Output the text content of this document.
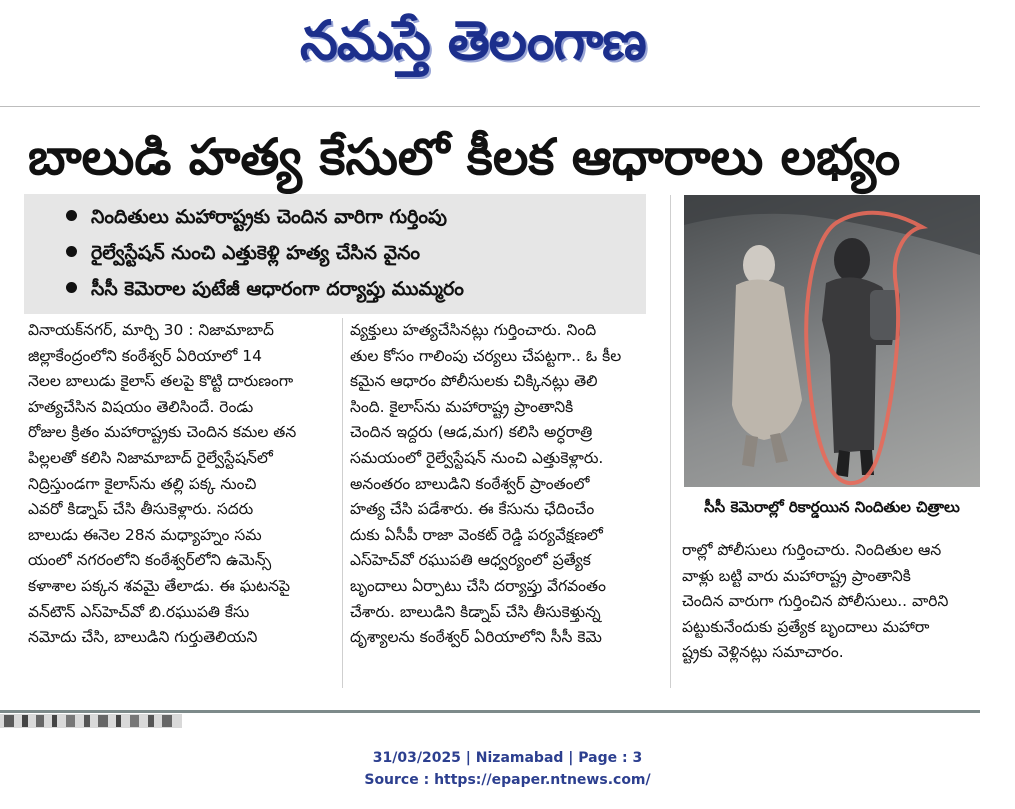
నమస్తే తెలంగాణ
బాలుడి హత్య కేసులో కీలక ఆధారాలు లభ్యం
నిందితులు మహారాష్ట్రకు చెందిన వారిగా గుర్తింపు
రైల్వేస్టేషన్ నుంచి ఎత్తుకెళ్లి హత్య చేసిన వైనం
సీసీ కెమెరాల పుటేజీ ఆధారంగా దర్యాప్తు ముమ్మరం
వినాయక్‌నగర్, మార్చి 30 : నిజామాబాద్
జిల్లాకేంద్రంలోని కంఠేశ్వర్ ఏరియాలో 14
నెలల బాలుడు కైలాస్ తలపై కొట్టి దారుణంగా
హత్యచేసిన విషయం తెలిసిందే. రెండు
రోజుల క్రితం మహారాష్ట్రకు చెందిన కమల తన
పిల్లలతో కలిసి నిజామాబాద్ రైల్వేస్టేషన్‌లో
నిద్రిస్తుండగా కైలాస్‌ను తల్లి పక్క నుంచి
ఎవరో కిడ్నాప్ చేసి తీసుకెళ్లారు. సదరు
బాలుడు ఈనెల 28న మధ్యాహ్నం సమ
యంలో నగరంలోని కంఠేశ్వర్‌లోని ఉమెన్స్
కళాశాల పక్కన శవమై తేలాడు. ఈ ఘటనపై
వన్‌టౌన్ ఎస్‌హెచ్‌వో బి.రఘుపతి కేసు
నమోదు చేసి, బాలుడిని గుర్తుతెలియని
వ్యక్తులు హత్యచేసినట్లు గుర్తించారు. నింది
తుల కోసం గాలింపు చర్యలు చేపట్టగా.. ఓ కీల
కమైన ఆధారం పోలీసులకు చిక్కినట్లు తెలి
సింది. కైలాస్‌ను మహారాష్ట్ర ప్రాంతానికి
చెందిన ఇద్దరు (ఆడ,మగ) కలిసి అర్ధరాత్రి
సమయంలో రైల్వేస్టేషన్ నుంచి ఎత్తుకెళ్లారు.
అనంతరం బాలుడిని కంఠేశ్వర్ ప్రాంతంలో
హత్య చేసి పడేశారు. ఈ కేసును ఛేదించేం
దుకు ఏసీపీ రాజా వెంకట్ రెడ్డి పర్యవేక్షణలో
ఎస్‌హెచ్‌వో రఘుపతి ఆధ్వర్యంలో ప్రత్యేక
బృందాలు ఏర్పాటు చేసి దర్యాప్తు వేగవంతం
చేశారు. బాలుడిని కిడ్నాప్ చేసి తీసుకెళ్తున్న
దృశ్యాలను కంఠేశ్వర్ ఏరియాలోని సీసీ కెమె
సీసీ కెమెరాల్లో రికార్డయిన నిందితుల చిత్రాలు
రాల్లో పోలీసులు గుర్తించారు. నిందితుల ఆన
వాళ్లు బట్టి వారు మహారాష్ట్ర ప్రాంతానికి
చెందిన వారుగా గుర్తించిన పోలీసులు.. వారిని
పట్టుకునేందుకు ప్రత్యేక బృందాలు మహారా
ష్ట్రకు వెళ్లినట్లు సమాచారం.
31/03/2025 | Nizamabad | Page : 3
Source : https://epaper.ntnews.com/
